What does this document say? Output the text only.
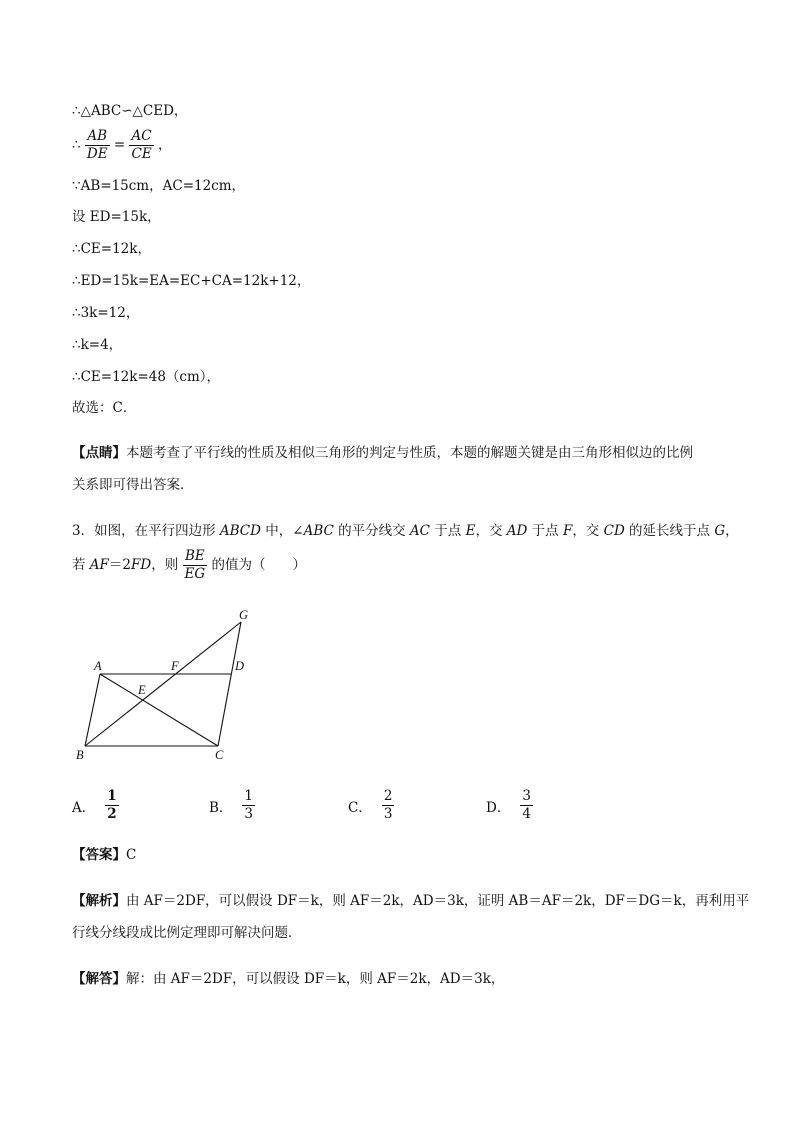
∴△ABC∽△CED，
∴ $\frac{AB}{DE} = \frac{AC}{CE}$ ，
∵AB=15cm，AC=12cm，
设 ED=15k，
∴CE=12k，
∴ED=15k=EA=EC+CA=12k+12，
∴3k=12，
∴k=4，
∴CE=12k=48（cm），
故选：C．
【点睛】本题考查了平行线的性质及相似三角形的判定与性质，本题的解题关键是由三角形相似边的比例
关系即可得出答案．
3．如图，在平行四边形 ABCD 中，∠ABC 的平分线交 AC 于点 E，交 AD 于点 F，交 CD 的延长线于点 G，
若 AF＝2FD，则 $\frac{BE}{EG}$ 的值为（　　）
A	F	D
G
E
B	C
A． $\frac{1}{2}$	B． $\frac{1}{3}$	C． $\frac{2}{3}$	D． $\frac{3}{4}$
【答案】C
【解析】由 AF＝2DF，可以假设 DF＝k，则 AF＝2k，AD＝3k，证明 AB＝AF＝2k，DF＝DG＝k，再利用平
行线分线段成比例定理即可解决问题．
【解答】解：由 AF＝2DF，可以假设 DF＝k，则 AF＝2k，AD＝3k，
